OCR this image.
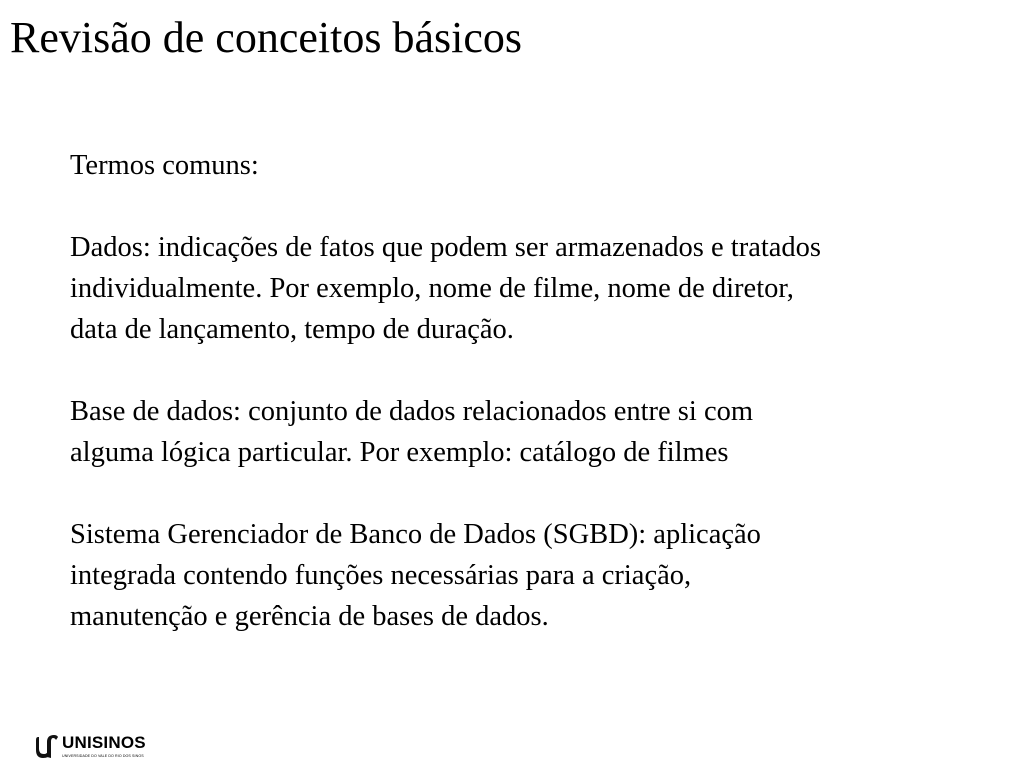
Revisão de conceitos básicos

Termos comuns:

Dados: indicações de fatos que podem ser armazenados e tratados
individualmente. Por exemplo, nome de filme, nome de diretor,
data de lançamento, tempo de duração.

Base de dados: conjunto de dados relacionados entre si com
alguma lógica particular. Por exemplo: catálogo de filmes

Sistema Gerenciador de Banco de Dados (SGBD): aplicação
integrada contendo funções necessárias para a criação,
manutenção e gerência de bases de dados.

UNISINOS
UNIVERSIDADE DO VALE DO RIO DOS SINOS
